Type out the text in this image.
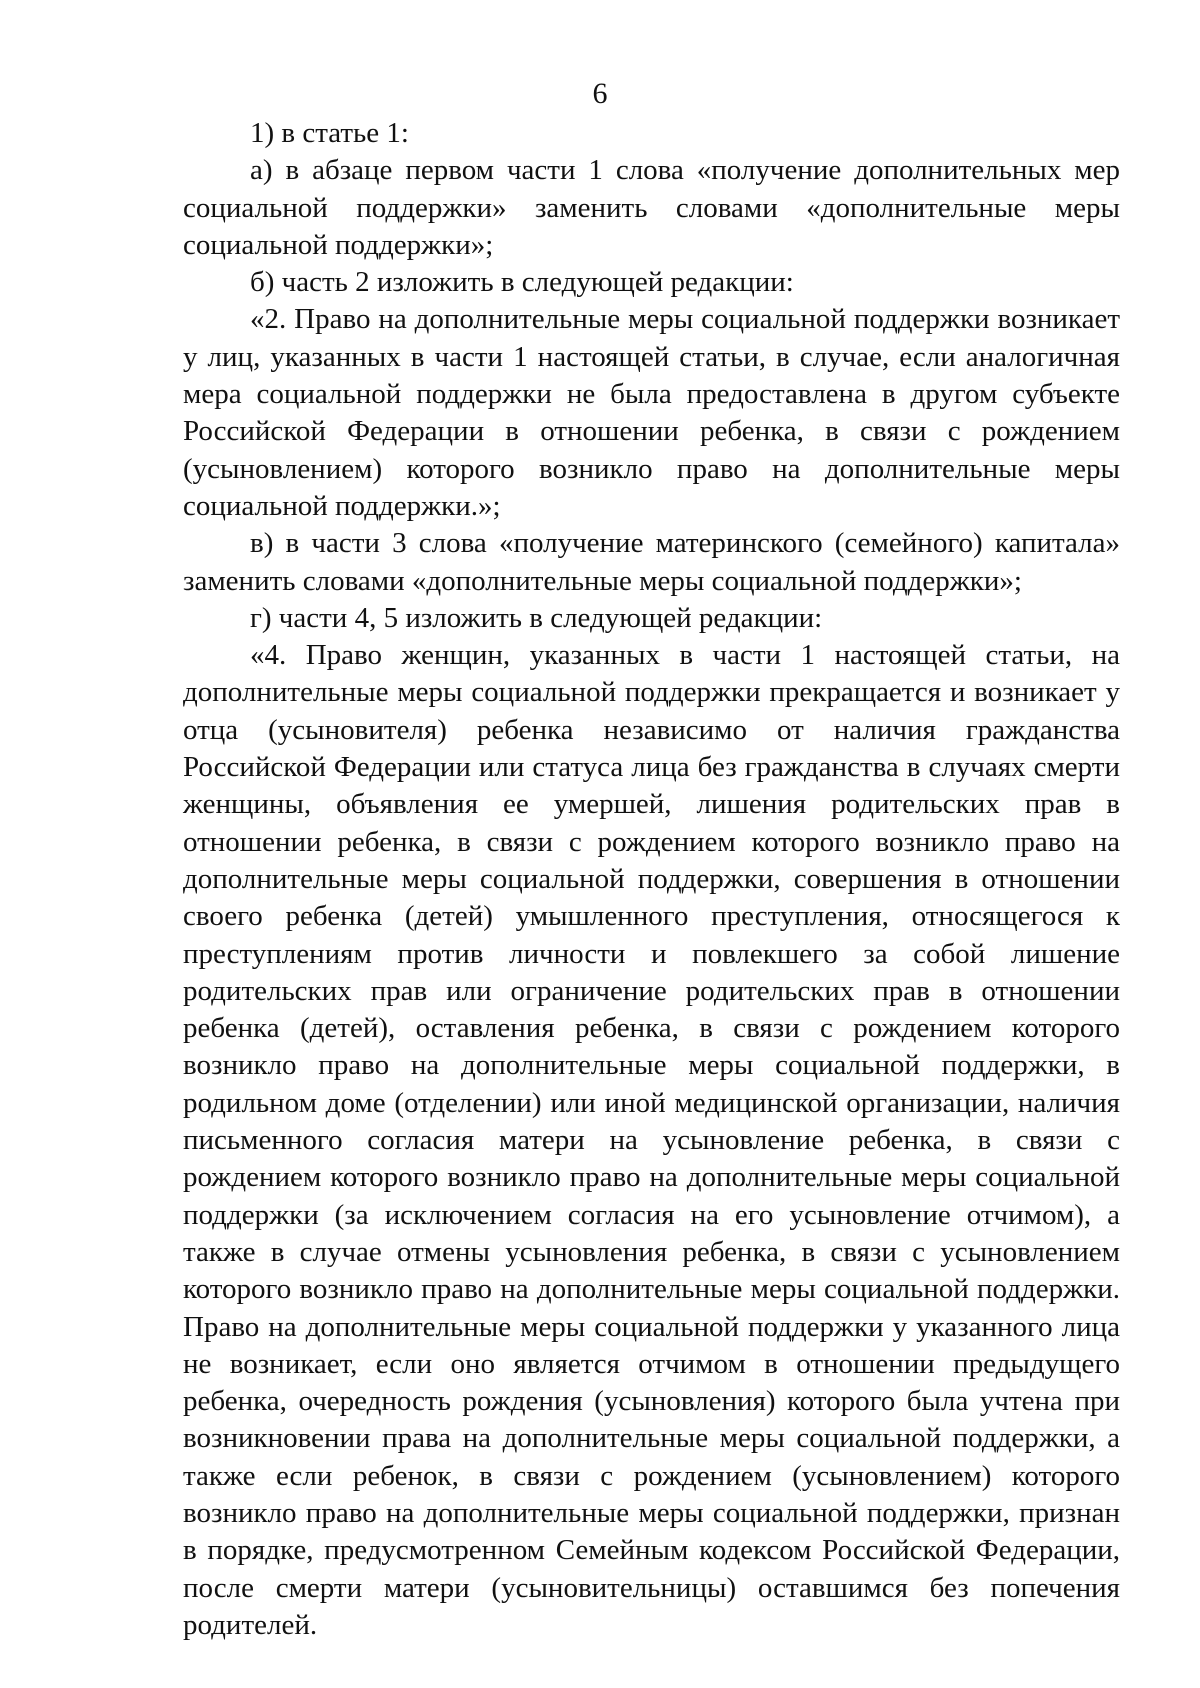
6

1) в статье 1:

а) в абзаце первом части 1 слова «получение дополнительных мер социальной поддержки» заменить словами «дополнительные меры социальной поддержки»;

б) часть 2 изложить в следующей редакции:

«2. Право на дополнительные меры социальной поддержки возникает у лиц, указанных в части 1 настоящей статьи, в случае, если аналогичная мера социальной поддержки не была предоставлена в другом субъекте Российской Федерации в отношении ребенка, в связи с рождением (усыновлением) которого возникло право на дополнительные меры социальной поддержки.»;

в) в части 3 слова «получение материнского (семейного) капитала» заменить словами «дополнительные меры социальной поддержки»;

г) части 4, 5 изложить в следующей редакции:

«4. Право женщин, указанных в части 1 настоящей статьи, на дополнительные меры социальной поддержки прекращается и возникает у отца (усыновителя) ребенка независимо от наличия гражданства Российской Федерации или статуса лица без гражданства в случаях смерти женщины, объявления ее умершей, лишения родительских прав в отношении ребенка, в связи с рождением которого возникло право на дополнительные меры социальной поддержки, совершения в отношении своего ребенка (детей) умышленного преступления, относящегося к преступлениям против личности и повлекшего за собой лишение родительских прав или ограничение родительских прав в отношении ребенка (детей), оставления ребенка, в связи с рождением которого возникло право на дополнительные меры социальной поддержки, в родильном доме (отделении) или иной медицинской организации, наличия письменного согласия матери на усыновление ребенка, в связи с рождением которого возникло право на дополнительные меры социальной поддержки (за исключением согласия на его усыновление отчимом), а также в случае отмены усыновления ребенка, в связи с усыновлением которого возникло право на дополнительные меры социальной поддержки. Право на дополнительные меры социальной поддержки у указанного лица не возникает, если оно является отчимом в отношении предыдущего ребенка, очередность рождения (усыновления) которого была учтена при возникновении права на дополнительные меры социальной поддержки, а также если ребенок, в связи с рождением (усыновлением) которого возникло право на дополнительные меры социальной поддержки, признан в порядке, предусмотренном Семейным кодексом Российской Федерации, после смерти матери (усыновительницы) оставшимся без попечения родителей.
